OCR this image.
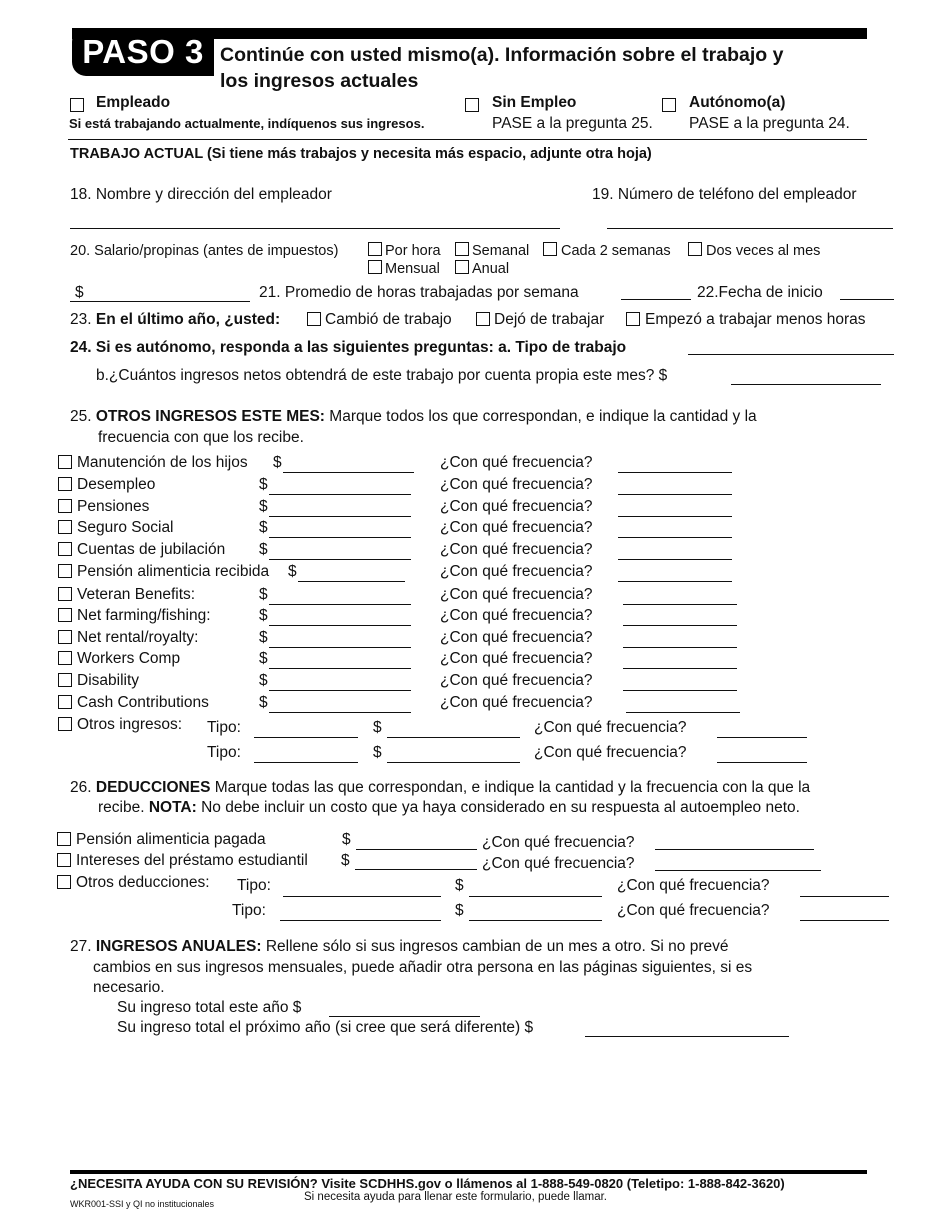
PASO 3 Continúe con usted mismo(a). Información sobre el trabajo y
los ingresos actuales
Empleado
Si está trabajando actualmente, indíquenos sus ingresos.
Sin Empleo
PASE a la pregunta 25.
Autónomo(a)
PASE a la pregunta 24.
TRABAJO ACTUAL (Si tiene más trabajos y necesita más espacio, adjunte otra hoja)
18. Nombre y dirección del empleador	19. Número de teléfono del empleador
20. Salario/propinas (antes de impuestos)	Por hora Semanal Cada 2 semanas Dos veces al mes
Mensual Anual
$	21. Promedio de horas trabajadas por semana	22.Fecha de inicio
23. En el último año, ¿usted:	Cambió de trabajo	Dejó de trabajar	Empezó a trabajar menos horas
24. Si es autónomo, responda a las siguientes preguntas: a. Tipo de trabajo
b.¿Cuántos ingresos netos obtendrá de este trabajo por cuenta propia este mes? $
25. OTROS INGRESOS ESTE MES: Marque todos los que correspondan, e indique la cantidad y la
frecuencia con que los recibe.
Manutención de los hijos $	¿Con qué frecuencia?
Desempleo	$	¿Con qué frecuencia?
Pensiones	$	¿Con qué frecuencia?
Seguro Social	$	¿Con qué frecuencia?
Cuentas de jubilación $	¿Con qué frecuencia?
Pensión alimenticia recibida $	¿Con qué frecuencia?
Veteran Benefits:	$	¿Con qué frecuencia?
Net farming/fishing:	$	¿Con qué frecuencia?
Net rental/royalty:	$	¿Con qué frecuencia?
Workers Comp	$	¿Con qué frecuencia?
Disability	$	¿Con qué frecuencia?
Cash Contributions	$	¿Con qué frecuencia?
Otros ingresos: Tipo:	$	¿Con qué frecuencia?
Tipo:	$	¿Con qué frecuencia?
26. DEDUCCIONES Marque todas las que correspondan, e indique la cantidad y la frecuencia con la que la
recibe. NOTA: No debe incluir un costo que ya haya considerado en su respuesta al autoempleo neto.
Pensión alimenticia pagada	$	¿Con qué frecuencia?
Intereses del préstamo estudiantil $	¿Con qué frecuencia?
Otros deducciones: Tipo:	$	¿Con qué frecuencia?
Tipo:	$	¿Con qué frecuencia?
27. INGRESOS ANUALES: Rellene sólo si sus ingresos cambian de un mes a otro. Si no prevé
cambios en sus ingresos mensuales, puede añadir otra persona en las páginas siguientes, si es
necesario.
Su ingreso total este año $
Su ingreso total el próximo año (si cree que será diferente) $
¿NECESITA AYUDA CON SU REVISIÓN? Visite SCDHHS.gov o llámenos al 1-888-549-0820 (Teletipo: 1-888-842-3620)
Si necesita ayuda para llenar este formulario, puede llamar.
WKR001-SSI y QI no institucionales
